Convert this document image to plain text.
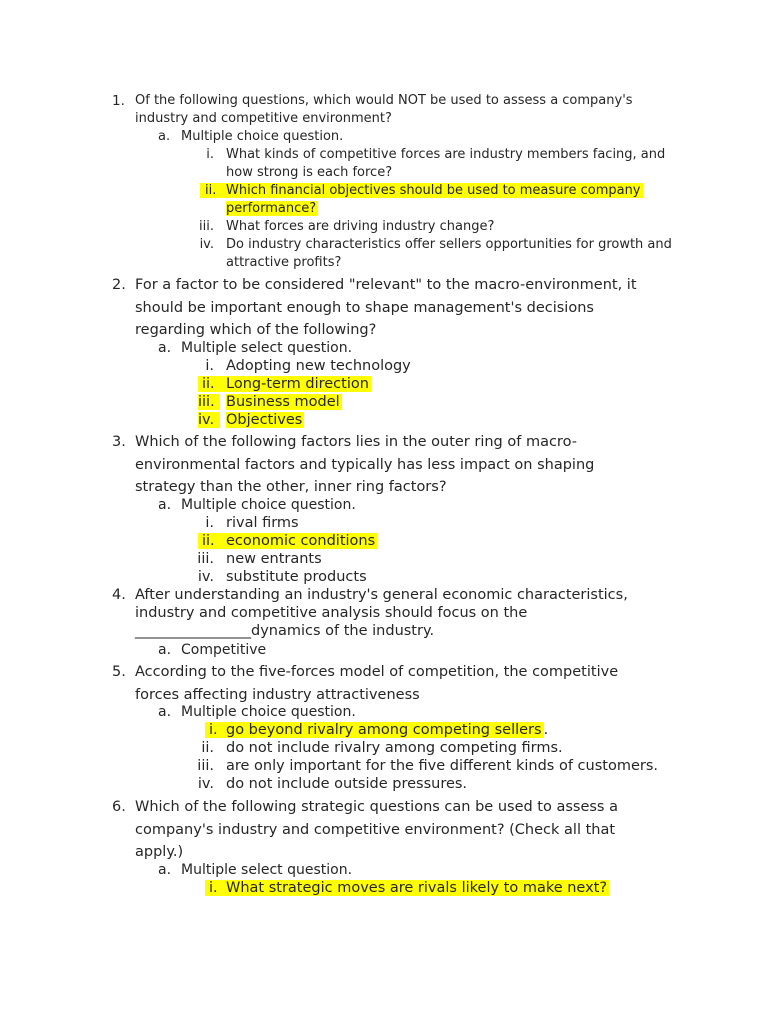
1. Of the following questions, which would NOT be used to assess a company's industry and competitive environment?
a. Multiple choice question.
i. What kinds of competitive forces are industry members facing, and how strong is each force?
ii. Which financial objectives should be used to measure company
performance?
iii. What forces are driving industry change?
iv. Do industry characteristics offer sellers opportunities for growth and attractive profits?
2. For a factor to be considered "relevant" to the macro-environment, it should be important enough to shape management's decisions regarding which of the following?
a. Multiple select question.
i. Adopting new technology
ii. Long-term direction
iii. Business model
iv. Objectives
3. Which of the following factors lies in the outer ring of macro-environmental factors and typically has less impact on shaping strategy than the other, inner ring factors?
a. Multiple choice question.
i. rival firms
ii. economic conditions
iii. new entrants
iv. substitute products
4. After understanding an industry's general economic characteristics,
industry and competitive analysis should focus on the
________________dynamics of the industry.
a. Competitive
5. According to the five-forces model of competition, the competitive forces affecting industry attractiveness
a. Multiple choice question.
i. go beyond rivalry among competing sellers .
ii. do not include rivalry among competing firms.
iii. are only important for the five different kinds of customers.
iv. do not include outside pressures.
6. Which of the following strategic questions can be used to assess a company's industry and competitive environment? (Check all that apply.)
a. Multiple select question.
i. What strategic moves are rivals likely to make next?
